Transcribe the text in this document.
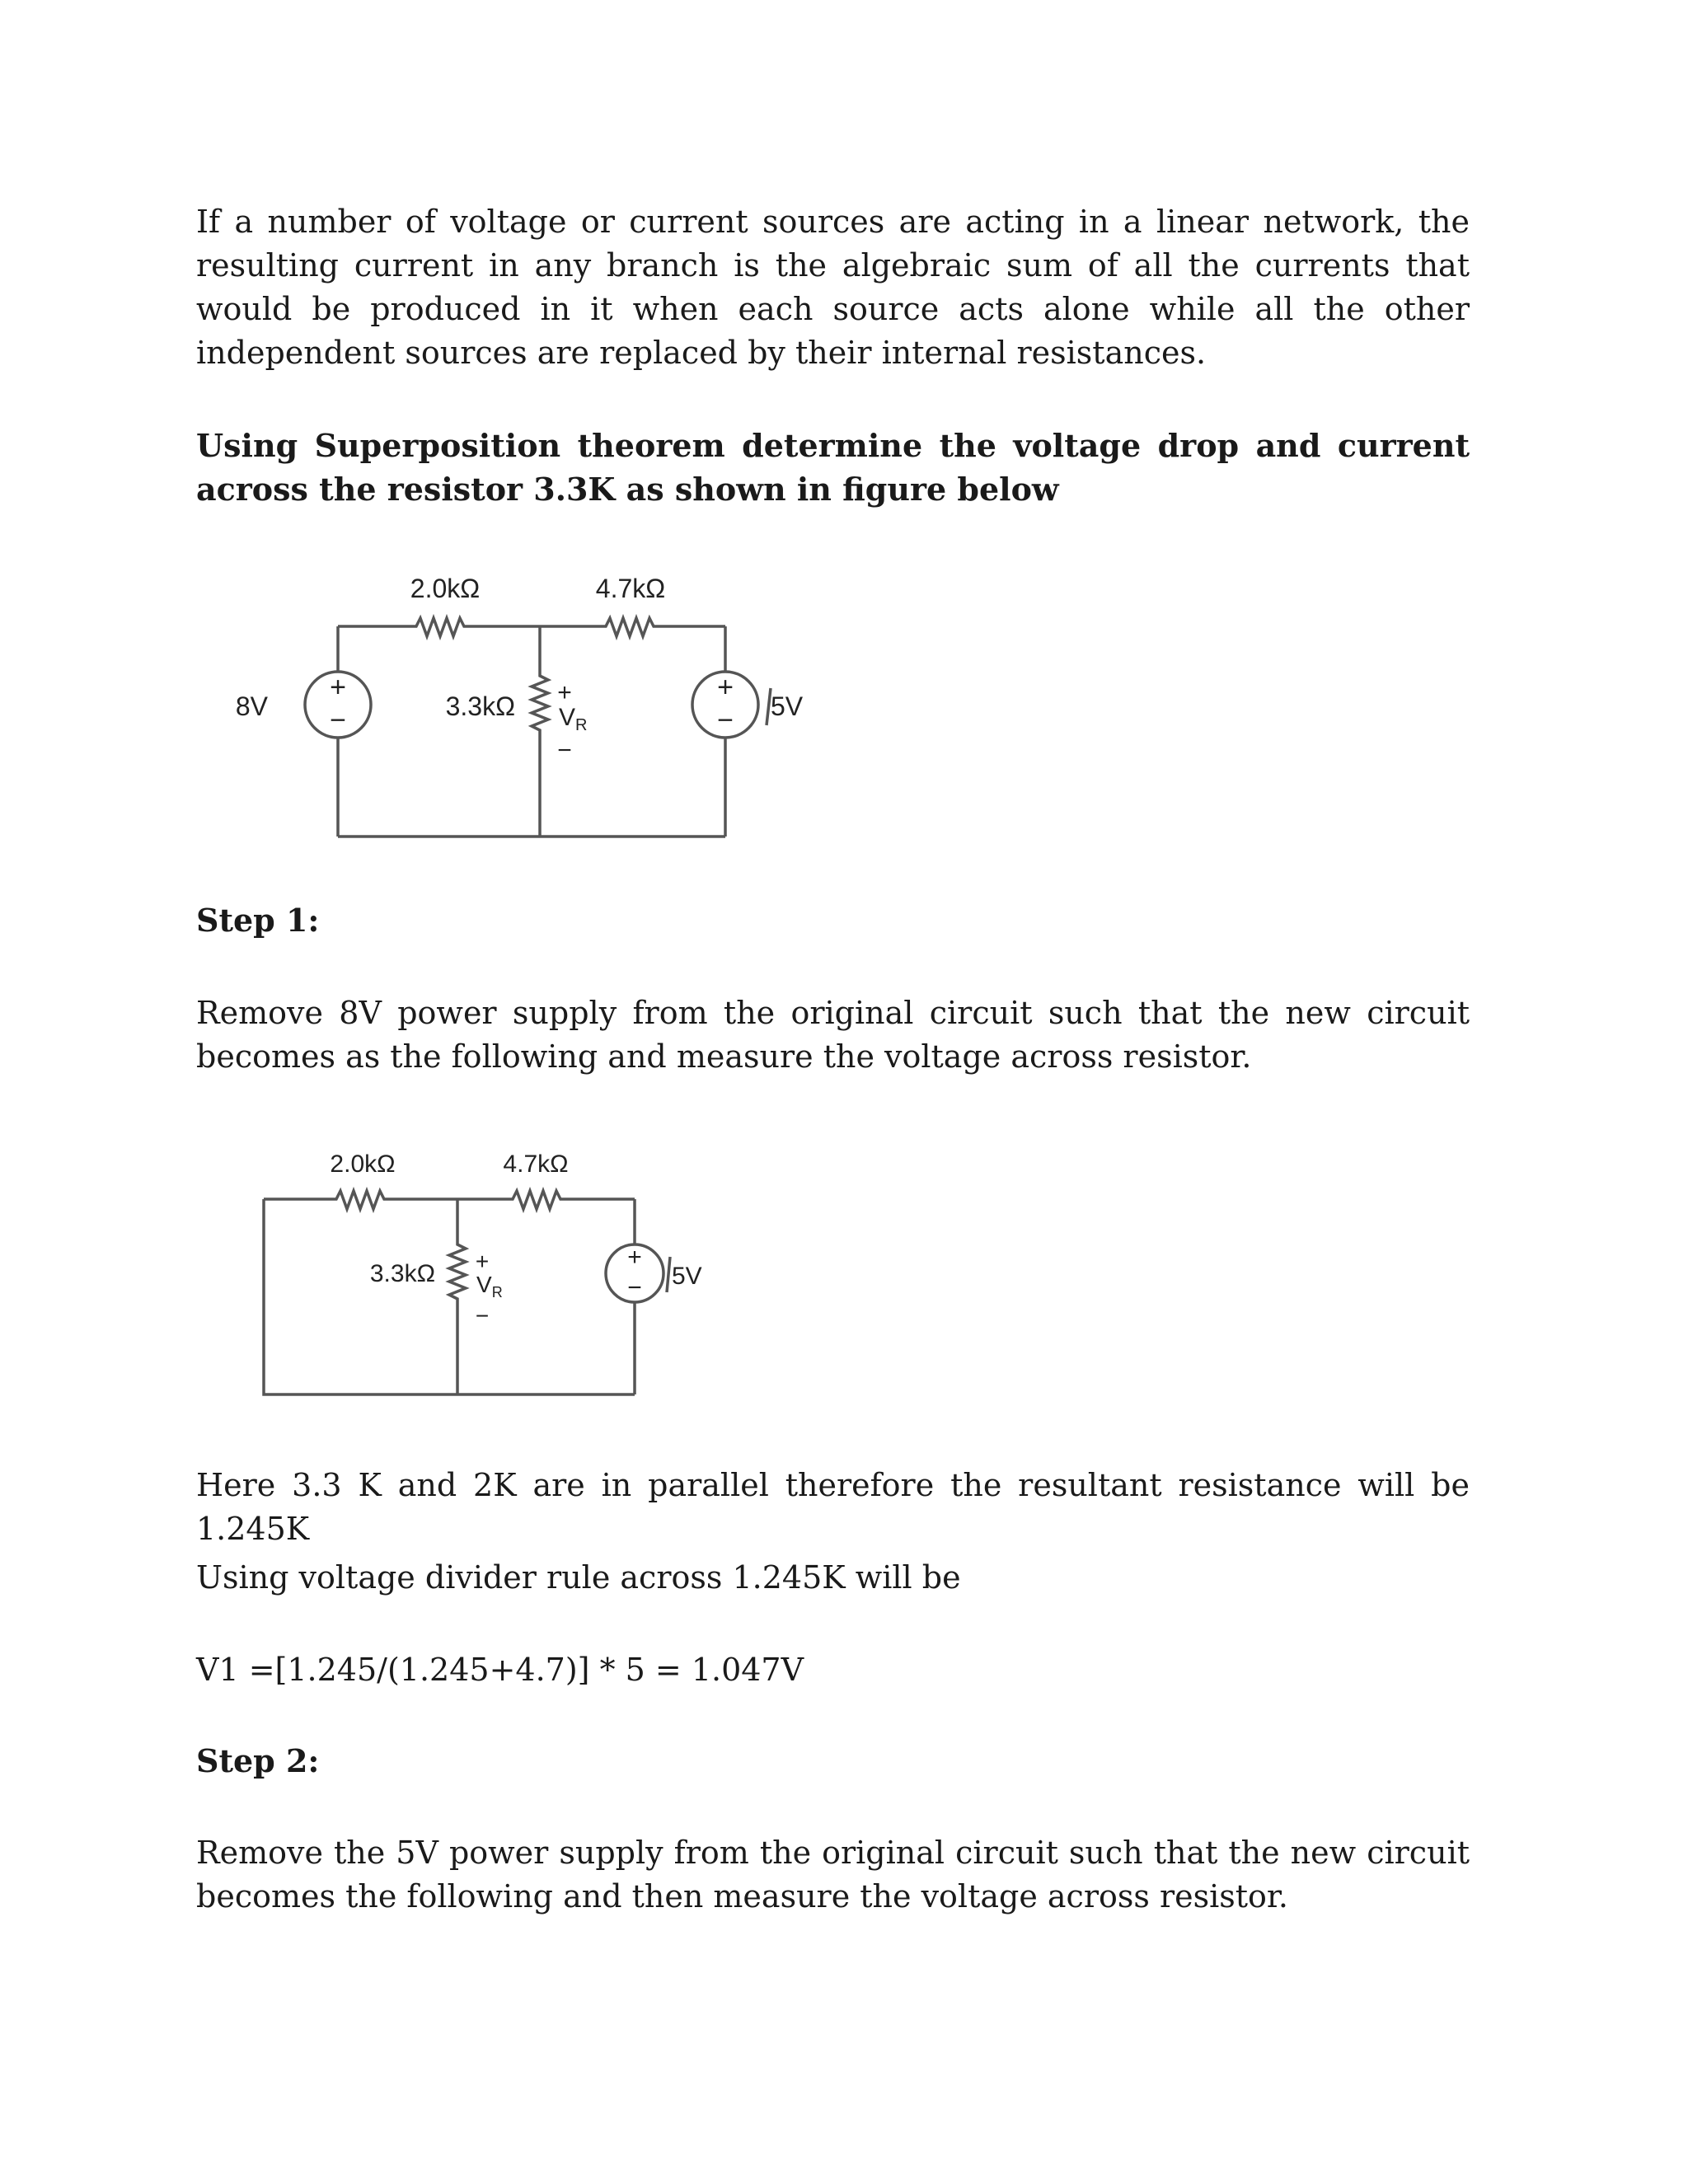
If a number of voltage or current sources are acting in a linear network, the resulting current in any branch is the algebraic sum of all the currents that would be produced in it when each source acts alone while all the other independent sources are replaced by their internal resistances.

Using Superposition theorem determine the voltage drop and current across the resistor 3.3K as shown in figure below

+
−
+
−
2.0kΩ	4.7kΩ
3.3kΩ
8V	5V
+
$V_R$
−

Step 1:

Remove 8V power supply from the original circuit such that the new circuit becomes as the following and measure the voltage across resistor.

+
−
2.0kΩ	4.7kΩ
3.3kΩ	5V
+
$V_R$
−

Here 3.3 K and 2K are in parallel therefore the resultant resistance will be 1.245K

Using voltage divider rule across 1.245K will be

V1 =[1.245/(1.245+4.7)] * 5 = 1.047V

Step 2:

Remove the 5V power supply from the original circuit such that the new circuit becomes the following and then measure the voltage across resistor.
